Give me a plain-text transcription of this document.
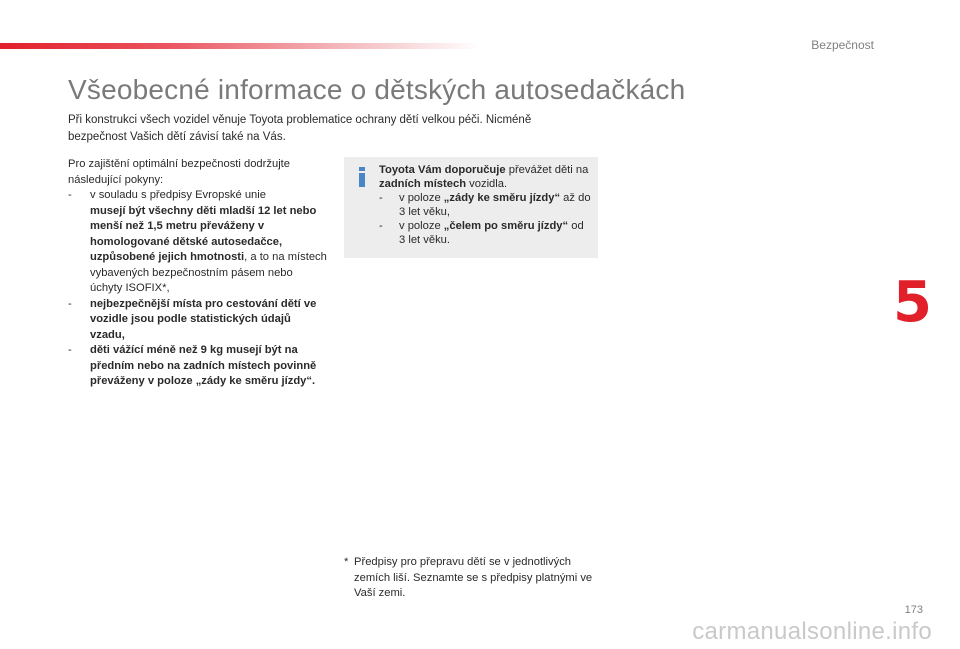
Bezpečnost
Všeobecné informace o dětských autosedačkách

Při konstrukci všech vozidel věnuje Toyota problematice ochrany dětí velkou péči. Nicméně bezpečnost Vašich dětí závisí také na Vás.

Pro zajištění optimální bezpečnosti dodržujte následující pokyny:

- v souladu s předpisy Evropské unie
musejí být všechny děti mladší 12 let nebo menší než 1,5 metru převáženy v homologované dětské autosedačce, uzpůsobené jejich hmotnosti, a to na místech vybavených bezpečnostním pásem nebo úchyty ISOFIX*,

- nejbezpečnější místa pro cestování dětí ve vozidle jsou podle statistických údajů vzadu,

- děti vážící méně než 9 kg musejí být na předním nebo na zadních místech povinně převáženy v poloze „zády ke směru jízdy“.

Toyota Vám doporučuje převážet děti na zadních místech vozidla.

- v poloze „zády ke směru jízdy“ až do 3 let věku,

- v poloze „čelem po směru jízdy“ od 3 let věku.

5
* Předpisy pro přepravu dětí se v jednotlivých zemích liší. Seznamte se s předpisy platnými ve Vaší zemi.
173
carmanualsonline.info
